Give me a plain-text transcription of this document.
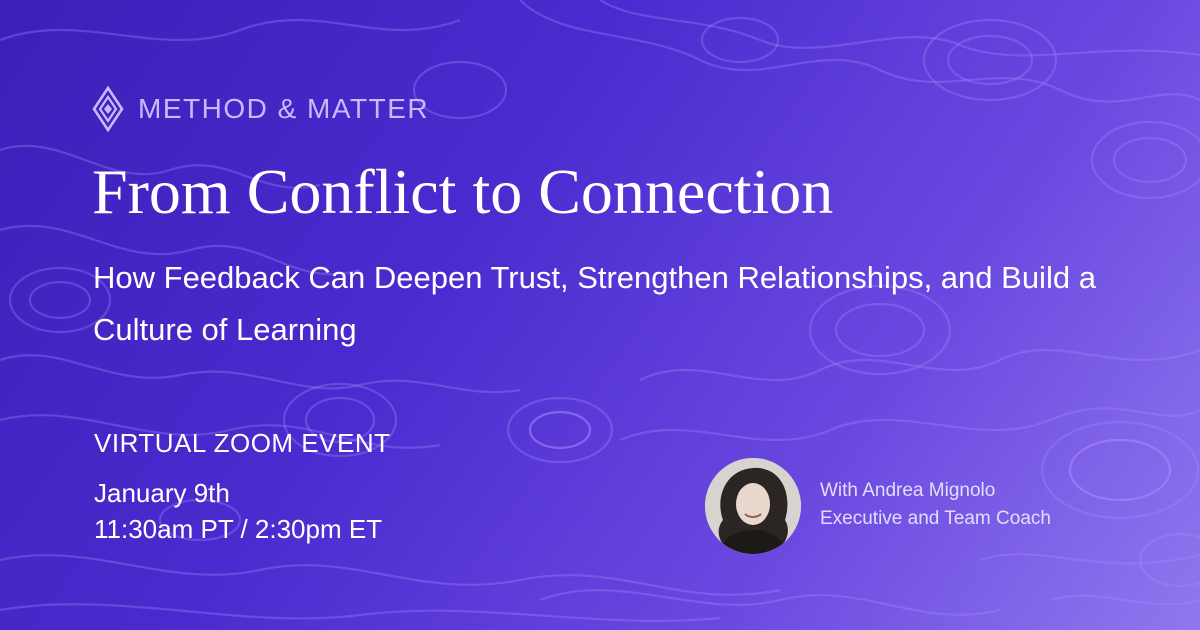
METHOD & MATTER
From Conflict to Connection

How Feedback Can Deepen Trust, Strengthen Relationships, and Build a Culture of Learning

VIRTUAL ZOOM EVENT
January 9th
11:30am PT / 2:30pm ET
With Andrea Mignolo
Executive and Team Coach
